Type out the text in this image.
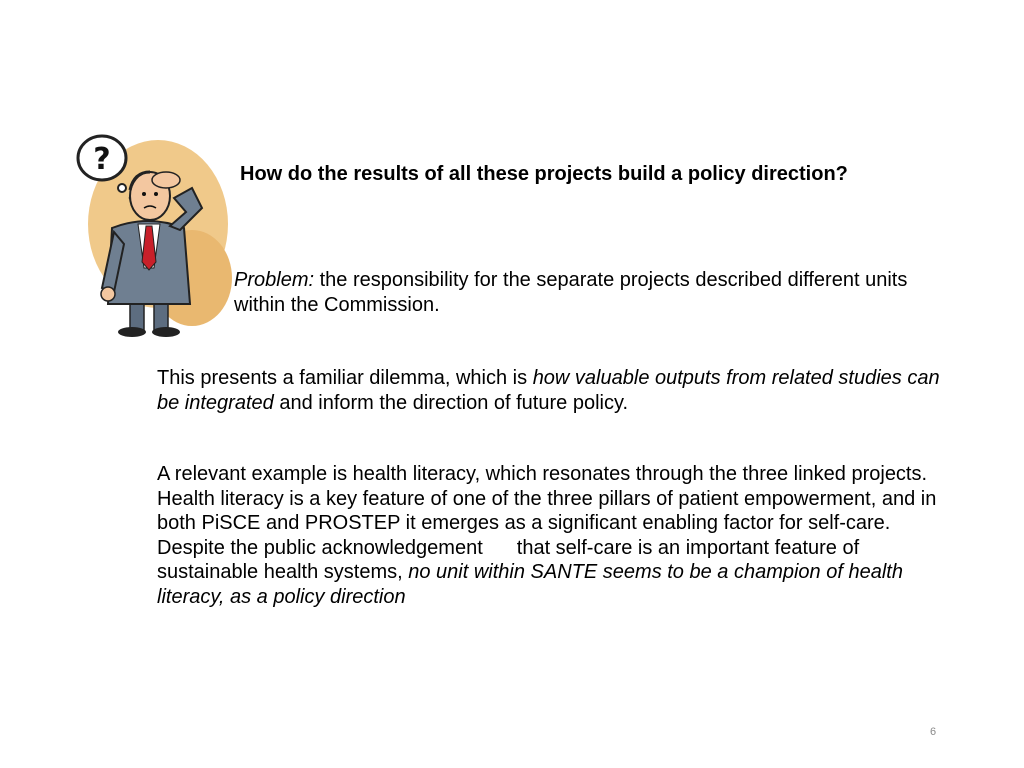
?	How do the results of all these projects build a policy direction?
Problem: the responsibility for the separate projects described different units within the Commission.
This presents a familiar dilemma, which is how valuable outputs from related studies can be integrated and inform the direction of future policy.
A relevant example is health literacy, which resonates through the three linked projects. Health literacy is a key feature of one of the three pillars of patient empowerment, and in both PiSCE and PROSTEP it emerges as a significant enabling factor for self-care. Despite the public acknowledgement that self-care is an important feature of sustainable health systems, no unit within SANTE seems to be a champion of health literacy, as a policy direction
6
